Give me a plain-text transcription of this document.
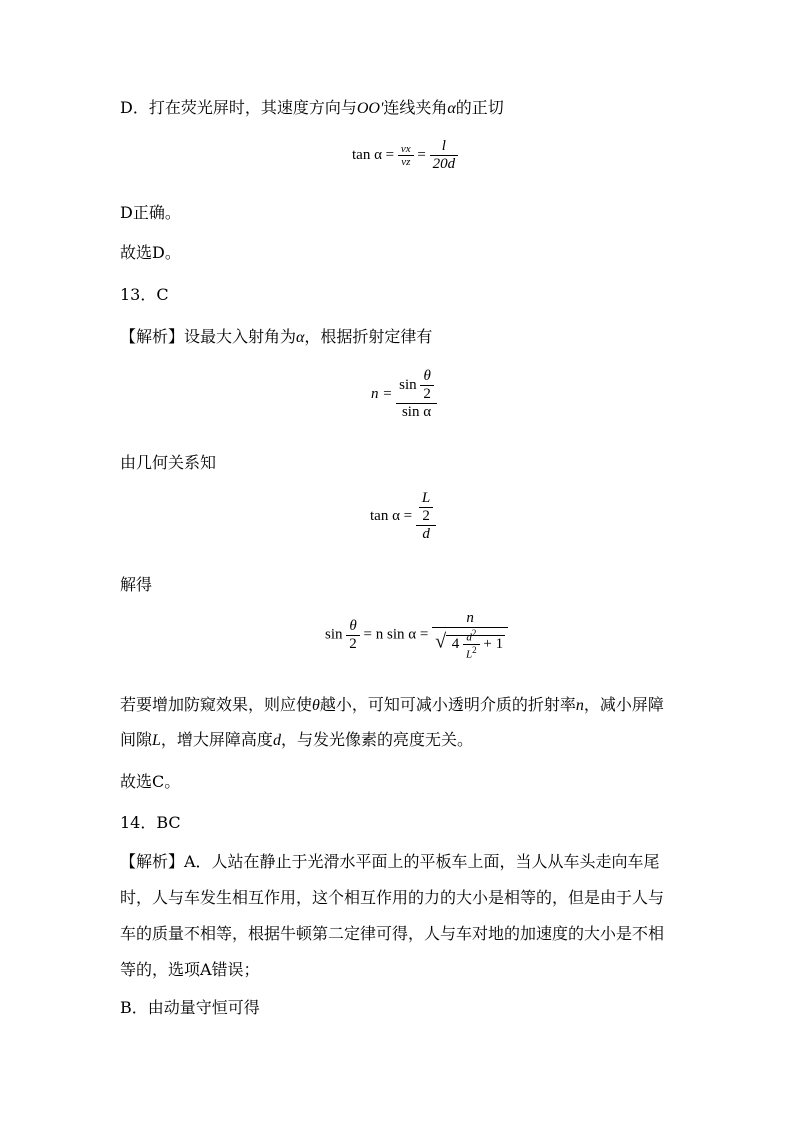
D．打在荧光屏时，其速度方向与OO'连线夹角α的正切
$\tan \alpha = \frac{vx}{vz} = \frac{l}{20d}$
D正确。
故选D。
13．C
【解析】设最大入射角为α，根据折射定律有
$n = \frac{\sin \frac{\theta}{2}}{\text{sin α}}$
由几何关系知
$\tan \alpha = \frac{\frac{L}{2}}{d}$
解得
$\sin \frac{\theta}{2} = n$ sin α =
n
√ $4 \frac{d^2}{L^2} + 1$
若要增加防窥效果，则应使θ越小，可知可减小透明介质的折射率n，减小屏障
间隙L，增大屏障高度d，与发光像素的亮度无关。
故选C。
14．BC
【解析】A．人站在静止于光滑水平面上的平板车上面，当人从车头走向车尾
时，人与车发生相互作用，这个相互作用的力的大小是相等的，但是由于人与
车的质量不相等，根据牛顿第二定律可得，人与车对地的加速度的大小是不相
等的，选项A错误；
B．由动量守恒可得
